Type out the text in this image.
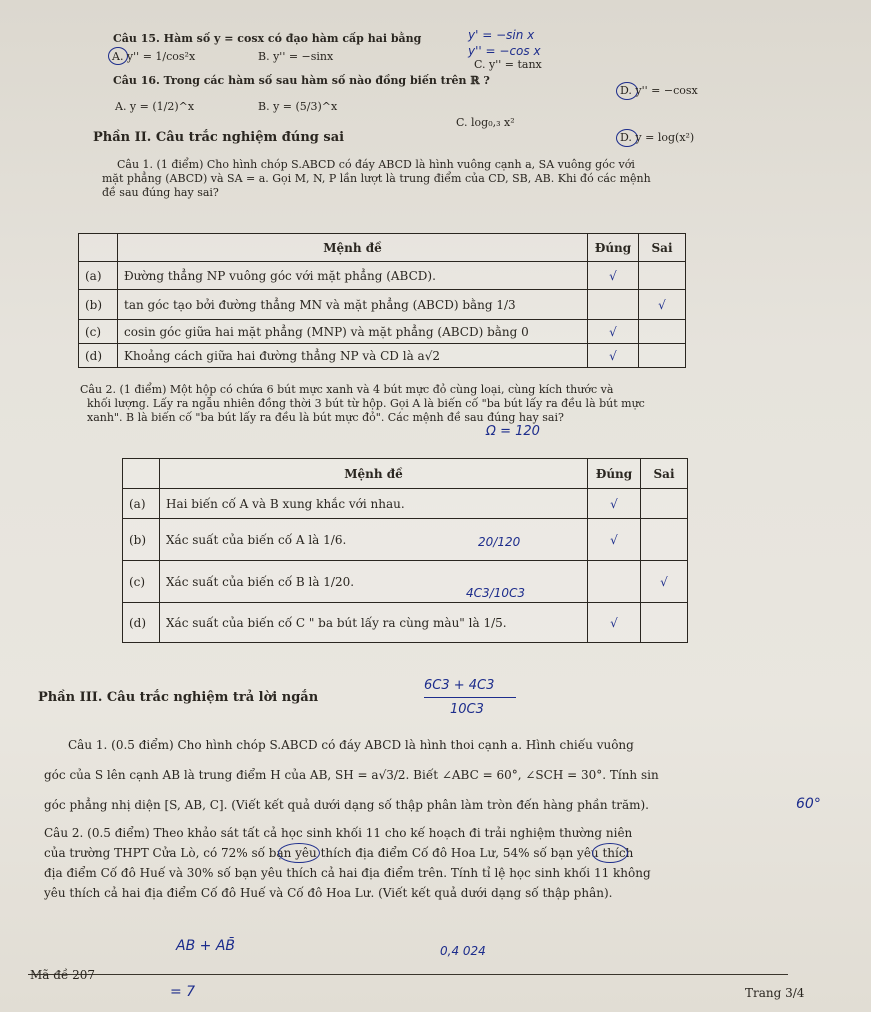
Câu 15. Hàm số y = cosx có đạo hàm cấp hai bằng
A. y'' = 1/cos²x	B. y'' = −sinx
C. y'' = tanx
y' = −sin x
y'' = −cos x
Câu 16. Trong các hàm số sau hàm số nào đồng biến trên ℝ ?
D. y'' = −cosx
A. y = (1/2)^x	B. y = (5/3)^x
C. log₀,₃ x²
D. y = log(x²)
Phần II. Câu trắc nghiệm đúng sai
Câu 1. (1 điểm) Cho hình chóp S.ABCD có đáy ABCD là hình vuông cạnh a, SA vuông góc với
mặt phẳng (ABCD) và SA = a. Gọi M, N, P lần lượt là trung điểm của CD, SB, AB. Khi đó các mệnh
đề sau đúng hay sai?
	Mệnh đề	Đúng	Sai
(a)	Đường thẳng NP vuông góc với mặt phẳng (ABCD).	√	
(b)	tan góc tạo bởi đường thẳng MN và mặt phẳng (ABCD) bằng 1/3		√
(c)	cosin góc giữa hai mặt phẳng (MNP) và mặt phẳng (ABCD) bằng 0	√	
(d)	Khoảng cách giữa hai đường thẳng NP và CD là a√2	√	
Câu 2. (1 điểm) Một hộp có chứa 6 bút mực xanh và 4 bút mực đỏ cùng loại, cùng kích thước và
khối lượng. Lấy ra ngẫu nhiên đồng thời 3 bút từ hộp. Gọi A là biến cố "ba bút lấy ra đều là bút mực
xanh". B là biến cố "ba bút lấy ra đều là bút mực đỏ". Các mệnh đề sau đúng hay sai?
	Mệnh đề	Đúng	Sai
(a)	Hai biến cố A và B xung khắc với nhau.	√	
(b)	Xác suất của biến cố A là 1/6.	√	
(c)	Xác suất của biến cố B là 1/20.		√
(d)	Xác suất của biến cố C " ba bút lấy ra cùng màu" là 1/5.	√	
Ω = 120
20/120
4C3/10C3
6C3 + 4C3
10C3
Phần III. Câu trắc nghiệm trả lời ngắn
Câu 1. (0.5 điểm) Cho hình chóp S.ABCD có đáy ABCD là hình thoi cạnh a. Hình chiếu vuông
góc của S lên cạnh AB là trung điểm H của AB, SH = a√3/2. Biết ∠ABC = 60°, ∠SCH = 30°. Tính sin
góc phẳng nhị diện [S, AB, C]. (Viết kết quả dưới dạng số thập phân làm tròn đến hàng phần trăm).	60°
Câu 2. (0.5 điểm) Theo khảo sát tất cả học sinh khối 11 cho kế hoạch đi trải nghiệm thường niên
của trường THPT Cửa Lò, có 72% số bạn yêu thích địa điểm Cố đô Hoa Lư, 54% số bạn yêu thích
địa điểm Cố đô Huế và 30% số bạn yêu thích cả hai địa điểm trên. Tính tỉ lệ học sinh khối 11 không
yêu thích cả hai địa điểm Cố đô Huế và Cố đô Hoa Lư. (Viết kết quả dưới dạng số thập phân).
AB + AB̄	0,4 024
= 7
Mã đề 207
Trang 3/4
